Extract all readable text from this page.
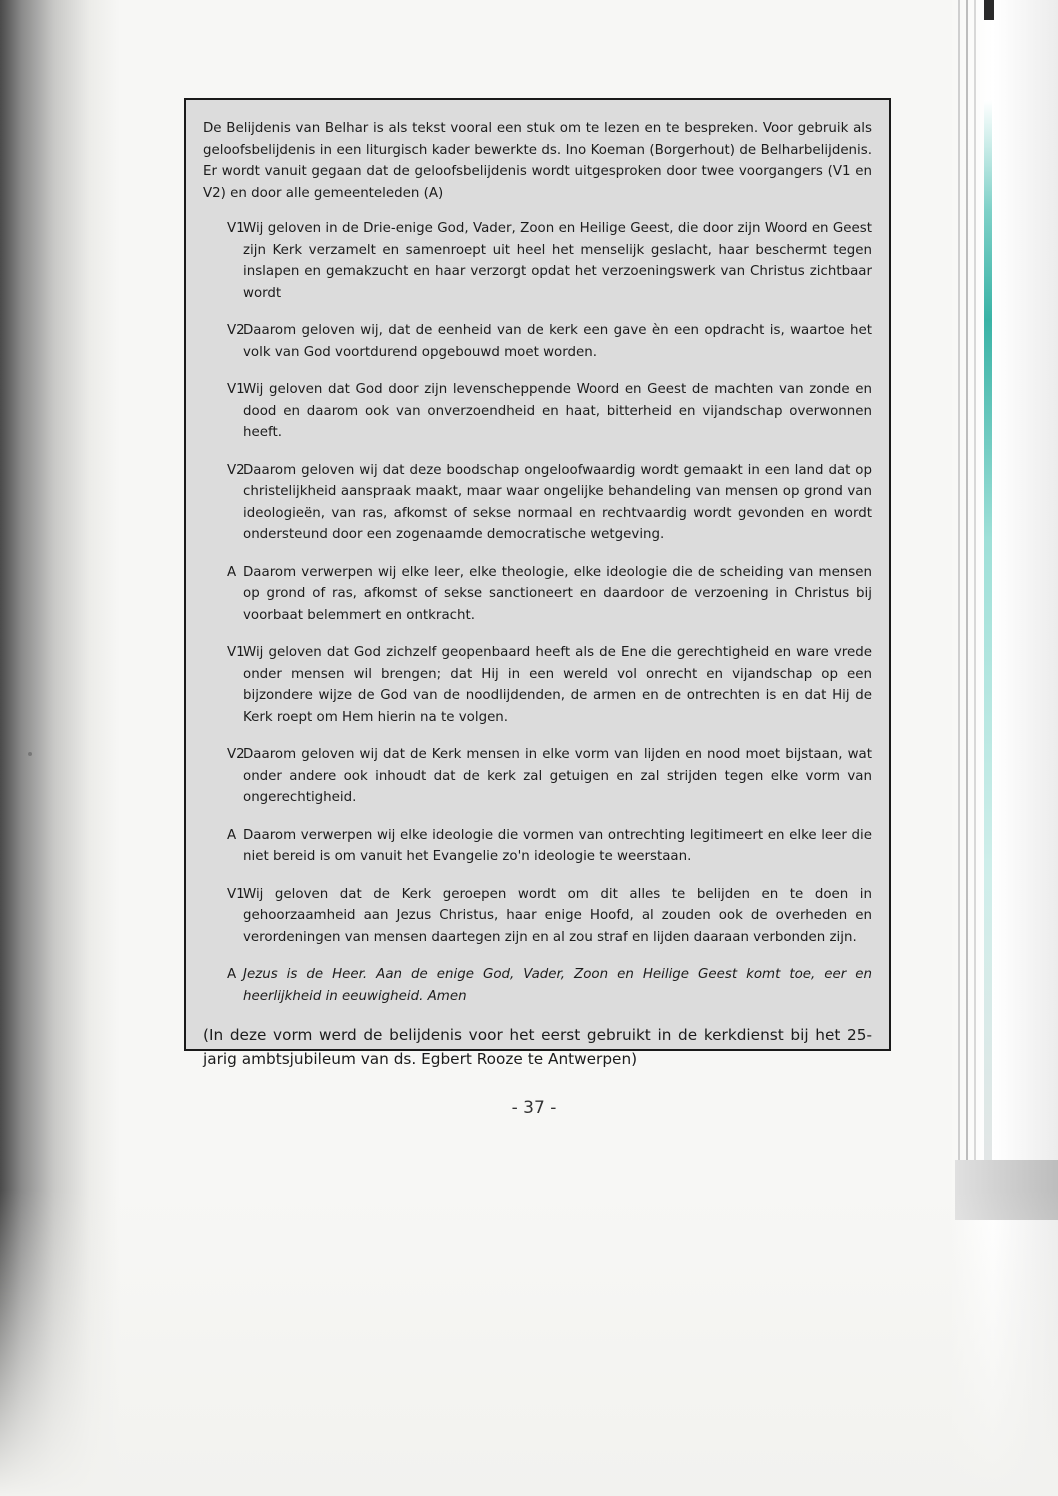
De Belijdenis van Belhar is als tekst vooral een stuk om te lezen en te bespreken. Voor gebruik als geloofsbelijdenis in een liturgisch kader bewerkte ds. Ino Koeman (Borgerhout) de Belharbelijdenis. Er wordt vanuit gegaan dat de geloofsbelijdenis wordt uitgesproken door twee voorgangers (V1 en V2) en door alle gemeenteleden (A)

V1
Wij geloven in de Drie-enige God, Vader, Zoon en Heilige Geest, die door zijn Woord en Geest zijn Kerk verzamelt en samenroept uit heel het menselijk geslacht, haar beschermt tegen inslapen en gemakzucht en haar verzorgt opdat het verzoeningswerk van Christus zichtbaar wordt
V2
Daarom geloven wij, dat de eenheid van de kerk een gave èn een opdracht is, waartoe het volk van God voortdurend opgebouwd moet worden.
V1
Wij geloven dat God door zijn levenscheppende Woord en Geest de machten van zonde en dood en daarom ook van onverzoendheid en haat, bitterheid en vijandschap overwonnen heeft.
V2
Daarom geloven wij dat deze boodschap ongeloofwaardig wordt gemaakt in een land dat op christelijkheid aanspraak maakt, maar waar ongelijke behandeling van mensen op grond van ideologieën, van ras, afkomst of sekse normaal en rechtvaardig wordt gevonden en wordt ondersteund door een zogenaamde democratische wetgeving.
A Daarom verwerpen wij elke leer, elke theologie, elke ideologie die de scheiding van mensen op grond of ras, afkomst of sekse sanctioneert en daardoor de verzoening in Christus bij voorbaat belemmert en ontkracht.
V1
Wij geloven dat God zichzelf geopenbaard heeft als de Ene die gerechtigheid en ware vrede onder mensen wil brengen; dat Hij in een wereld vol onrecht en vijandschap op een bijzondere wijze de God van de noodlijdenden, de armen en de ontrechten is en dat Hij de Kerk roept om Hem hierin na te volgen.
V2
Daarom geloven wij dat de Kerk mensen in elke vorm van lijden en nood moet bijstaan, wat onder andere ook inhoudt dat de kerk zal getuigen en zal strijden tegen elke vorm van ongerechtigheid.
A Daarom verwerpen wij elke ideologie die vormen van ontrechting legitimeert en elke leer die niet bereid is om vanuit het Evangelie zo'n ideologie te weerstaan.
V1
Wij geloven dat de Kerk geroepen wordt om dit alles te belijden en te doen in gehoorzaamheid aan Jezus Christus, haar enige Hoofd, al zouden ook de overheden en verordeningen van mensen daartegen zijn en al zou straf en lijden daaraan verbonden zijn.
A Jezus is de Heer. Aan de enige God, Vader, Zoon en Heilige Geest komt toe, eer en heerlijkheid in eeuwigheid. Amen

(In deze vorm werd de belijdenis voor het eerst gebruikt in de kerkdienst bij het 25-jarig ambtsjubileum van ds. Egbert Rooze te Antwerpen)

- 37 -
